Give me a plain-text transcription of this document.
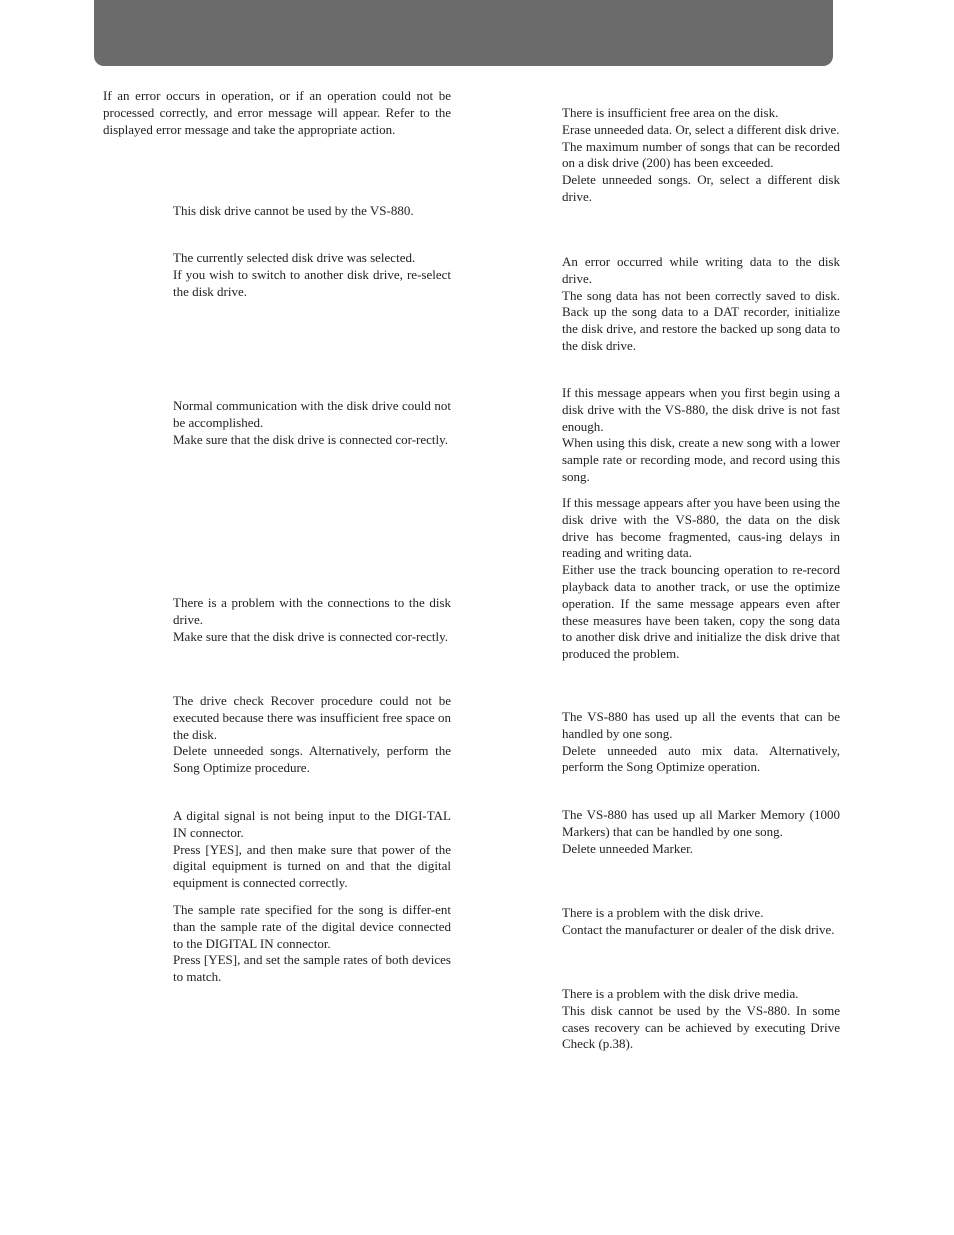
If an error occurs in operation, or if an operation could not be processed correctly, and error message will appear. Refer to the displayed error message and take the appropriate action.

This disk drive cannot be used by the VS-880.

The currently selected disk drive was selected.

If you wish to switch to another disk drive, re-select the disk drive.

Normal communication with the disk drive could not be accomplished.

Make sure that the disk drive is connected cor-rectly.

There is a problem with the connections to the disk drive.

Make sure that the disk drive is connected cor-rectly.

The drive check Recover procedure could not be executed because there was insufficient free space on the disk.

Delete unneeded songs. Alternatively, perform the Song Optimize procedure.

A digital signal is not being input to the DIGI-TAL IN connector.

Press [YES], and then make sure that power of the digital equipment is turned on and that the digital equipment is connected correctly.

The sample rate specified for the song is differ-ent than the sample rate of the digital device connected to the DIGITAL IN connector.

Press [YES], and set the sample rates of both devices to match.

There is insufficient free area on the disk.

Erase unneeded data. Or, select a different disk drive.

The maximum number of songs that can be recorded on a disk drive (200) has been exceeded.

Delete unneeded songs. Or, select a different disk drive.

An error occurred while writing data to the disk drive.

The song data has not been correctly saved to disk. Back up the song data to a DAT recorder, initialize the disk drive, and restore the backed up song data to the disk drive.

If this message appears when you first begin using a disk drive with the VS-880, the disk drive is not fast enough.

When using this disk, create a new song with a lower sample rate or recording mode, and record using this song.

If this message appears after you have been using the disk drive with the VS-880, the data on the disk drive has become fragmented, caus-ing delays in reading and writing data.

Either use the track bouncing operation to re-record playback data to another track, or use the optimize operation. If the same message appears even after these measures have been taken, copy the song data to another disk drive and initialize the disk drive that produced the problem.

The VS-880 has used up all the events that can be handled by one song.

Delete unneeded auto mix data. Alternatively, perform the Song Optimize operation.

The VS-880 has used up all Marker Memory (1000 Markers) that can be handled by one song.

Delete unneeded Marker.

There is a problem with the disk drive.

Contact the manufacturer or dealer of the disk drive.

There is a problem with the disk drive media.

This disk cannot be used by the VS-880. In some cases recovery can be achieved by executing Drive Check (p.38).
